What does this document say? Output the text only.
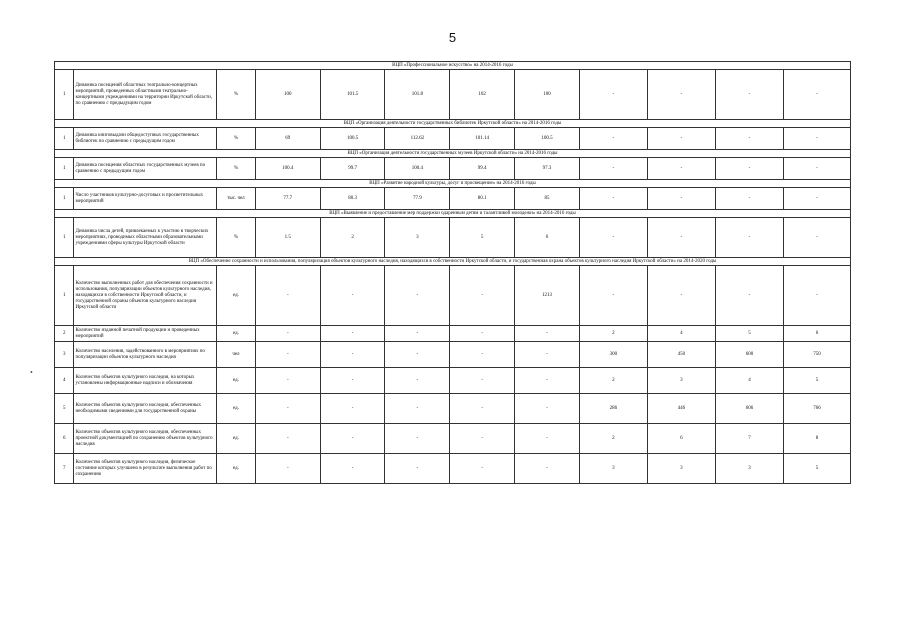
5
•
ВЦП «Профессиональное искусство» на 2014-2016 годы											
1	Динамика посещений областных театрально-концертных мероприятий, проведенных областными театрально-концертными учреждениями на территории Иркутской области, по сравнению с предыдущим годом	%	100	101.5	101.8	102	100	-	-	-	-
ВЦП «Организация деятельности государственных библиотек Иркутской области» на 2014-2016 годы											
1	Динамика книговыдачи общедоступных государственных библиотек по сравнению с предыдущим годом	%	69	100.5	112.62	101.14	100.5	-	-	-	-
ВЦП «Организация деятельности государственных музеев Иркутской области» на 2014-2016 годы											
1	Динамика посещения областных государственных музеев по сравнению с предыдущим годом	%	100.4	99.7	100.4	99.4	97.3	-	-	-	-
ВЦП «Развитие народной культуры, досуг и просвещение» на 2014-2016 годы											
1	Число участников культурно-досуговых и просветительных мероприятий	тыс. чел	77.7	80.3	77.9	80.1	85	-	-	-	-
ВЦП «Выявление и предоставление мер поддержки одаренным детям и талантливой молодежи» на 2014-2016 годы											
1	Динамика числа детей, привлекаемых к участию в творческих мероприятиях, проводимых областными образовательными учреждениями сферы культуры Иркутской области	%	1.5	2	3	5	6	-	-	-	-
ВЦП «Обеспечение сохранности и использования, популяризация объектов культурного наследия, находящихся в собственности Иркутской области, и государственная охрана объектов культурного наследия Иркутской области» на 2014-2020 годы											
1	Количество выполненных работ для обеспечения сохранности и использования, популяризации объектов культурного наследия, находящихся в собственности Иркутской области, и государственной охраны объектов культурного наследия Иркутской области	ед.	-	-	-	-	1213	-	-	-	-
2	Количество изданной печатной продукции и проведенных мероприятий	ед.	-	-	-	-	-	2	4	5	6
3	Количество населения, задействованного в мероприятиях по популяризации объектов культурного наследия	чел	-	-	-	-	-	300	450	600	750
4	Количество объектов культурного наследия, на которых установлены информационные надписи и обозначения	ед.	-	-	-	-	-	2	3	4	5
5	Количество объектов культурного наследия, обеспеченных необходимыми сведениями для государственной охраны	ед.	-	-	-	-	-	286	446	606	766
6	Количество объектов культурного наследия, обеспеченных проектной документацией по сохранению объектов культурного наследия	ед.	-	-	-	-	-	2	6	7	8
7	Количество объектов культурного наследия, физическое состояние которых улучшено в результате выполнения работ по сохранению	ед.	-	-	-	-	-	3	3	3	5
